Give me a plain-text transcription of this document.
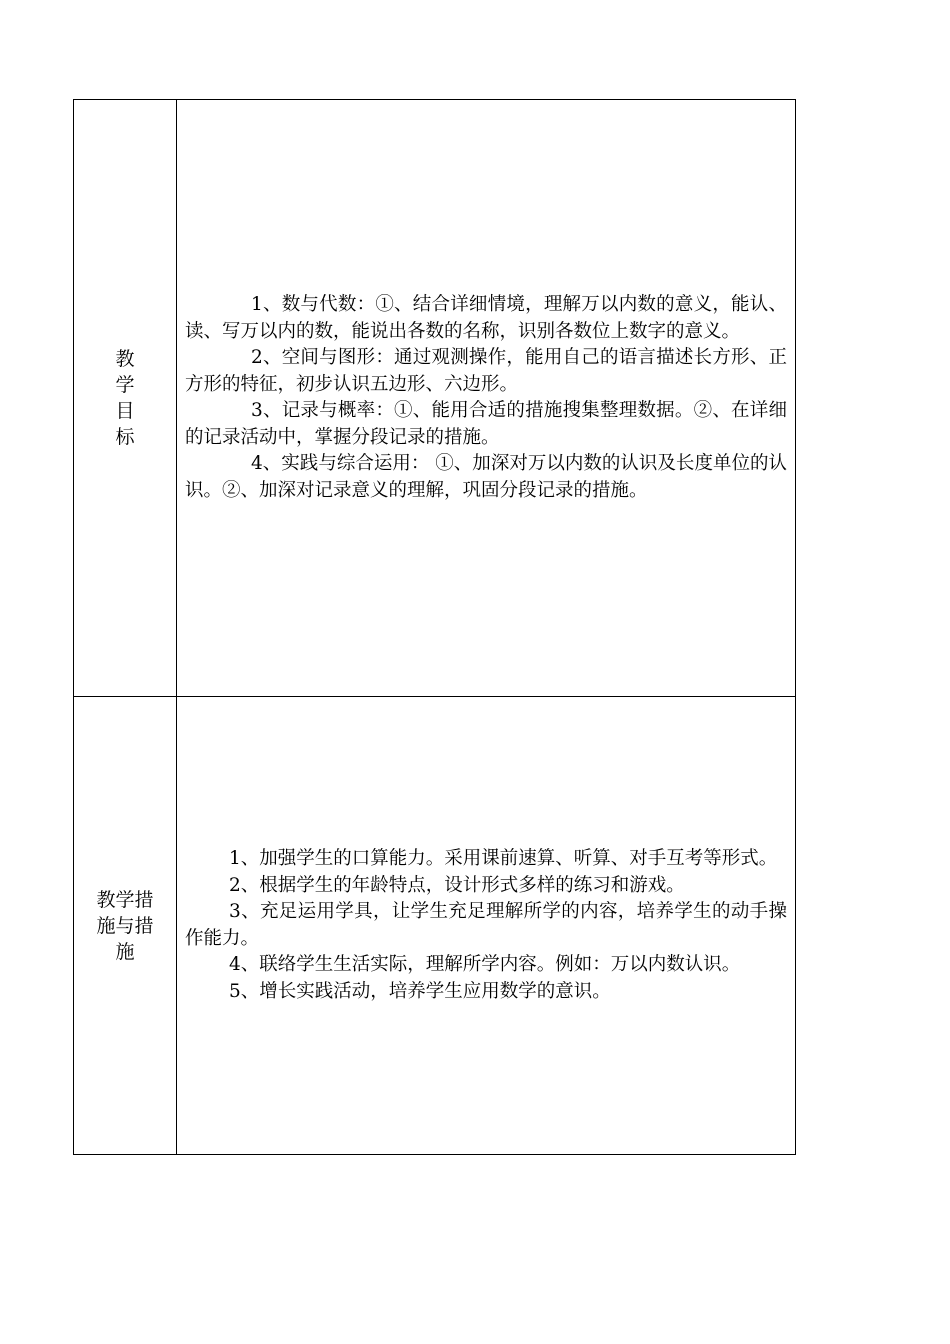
教学目标

1、数与代数：①、结合详细情境，理解万以内数的意义，能认、读、写万以内的数，能说出各数的名称，识别各数位上数字的意义。

2、空间与图形：通过观测操作，能用自己的语言描述长方形、正方形的特征，初步认识五边形、六边形。

3、记录与概率：①、能用合适的措施搜集整理数据。②、在详细的记录活动中，掌握分段记录的措施。

4、实践与综合运用： ①、加深对万以内数的认识及长度单位的认识。②、加深对记录意义的理解，巩固分段记录的措施。

教学措施与措施

1、加强学生的口算能力。采用课前速算、听算、对手互考等形式。

2、根据学生的年龄特点，设计形式多样的练习和游戏。

3、充足运用学具，让学生充足理解所学的内容，培养学生的动手操作能力。

4、联络学生生活实际，理解所学内容。例如：万以内数认识。

5、增长实践活动，培养学生应用数学的意识。
